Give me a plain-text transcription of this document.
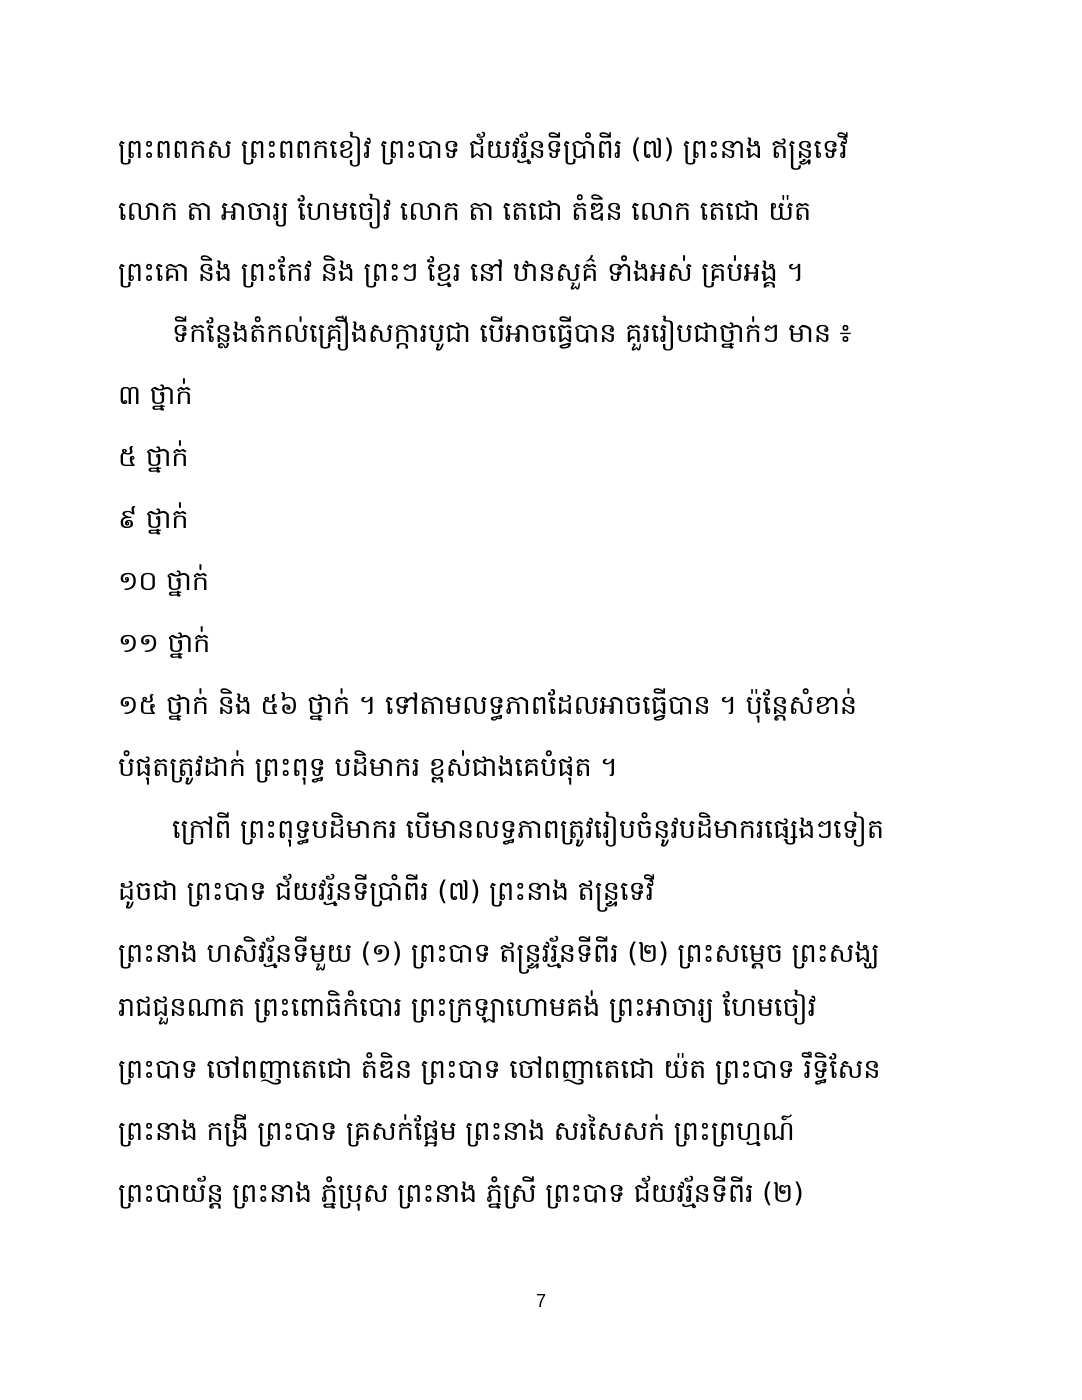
ព្រះពពកស ព្រះពពកខៀវ ព្រះបាទ ជ័យវរ្ម័នទីប្រាំពីរ (៧) ព្រះនាង ឥន្ទ្រទេវី
លោក តា អាចារ្យ ហែមចៀវ លោក តា តេជោ តំឌិន លោក តេជោ យ៉ត
ព្រះគោ និង ព្រះកែវ និង ព្រះៗ ខ្មែរ នៅ ឋានសួគ៌ ទាំងអស់ គ្រប់អង្គ ។
ទីកន្លែងតំកល់គ្រឿងសក្ការបូជា បើអាចធ្វើបាន គួររៀបជាថ្នាក់ៗ មាន ៖
៣ ថ្នាក់
៥ ថ្នាក់
៩ ថ្នាក់
១០ ថ្នាក់
១១ ថ្នាក់
១៥ ថ្នាក់ និង ៥៦ ថ្នាក់ ។ ទៅតាមលទ្ធភាពដែលអាចធ្វើបាន ។ ប៉ុន្តែសំខាន់
បំផុតត្រូវដាក់ ព្រះពុទ្ធ បដិមាករ ខ្ពស់ជាងគេបំផុត ។
ក្រៅពី ព្រះពុទ្ធបដិមាករ បើមានលទ្ធភាពត្រូវរៀបចំនូវបដិមាករផ្សេងៗទៀត
ដូចជា ព្រះបាទ ជ័យវរ្ម័នទីប្រាំពីរ (៧) ព្រះនាង ឥន្ទ្រទេវី
ព្រះនាង ហសិវរ្ម័នទីមួយ (១) ព្រះបាទ ឥន្ទ្រវរ្ម័នទីពីរ (២) ព្រះសម្តេច ព្រះសង្ឃ
រាជជួនណាត ព្រះពោធិកំបោរ ព្រះក្រឡាហោមគង់ ព្រះអាចារ្យ ហែមចៀវ
ព្រះបាទ ចៅពញាតេជោ តំឌិន ព្រះបាទ ចៅពញាតេជោ យ៉ត ព្រះបាទ រឹទ្ធិសែន
ព្រះនាង កង្រី ព្រះបាទ គ្រសក់ផ្អែម ព្រះនាង សរសៃសក់ ព្រះព្រហ្មណ៍
ព្រះបាយ័ន្ត ព្រះនាង ភ្នំប្រុស ព្រះនាង ភ្នំស្រី ព្រះបាទ ជ័យវរ្ម័នទីពីរ (២)
7
